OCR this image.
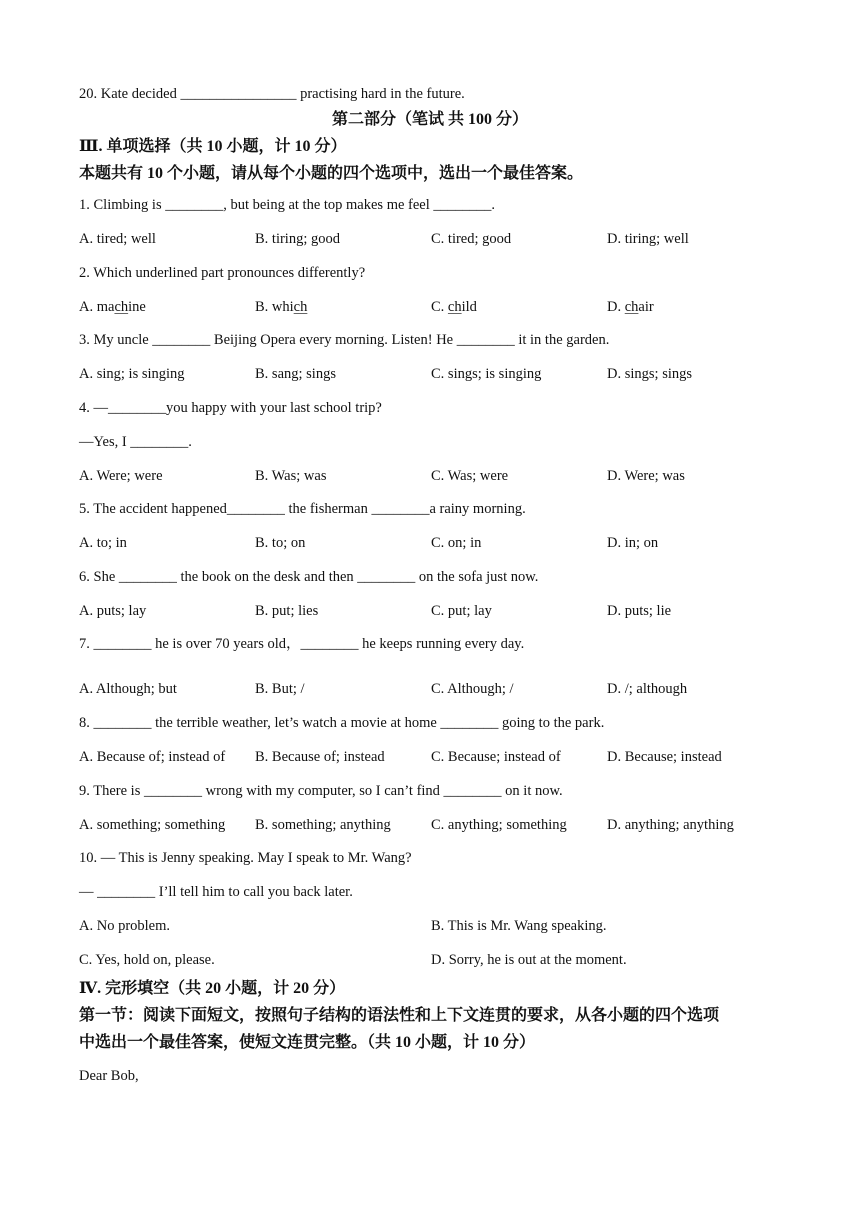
20. Kate decided ________________ practising hard in the future.
第二部分（笔试 共 100 分）
Ⅲ. 单项选择（共 10 小题，计 10 分）
本题共有 10 个小题，请从每个小题的四个选项中，选出一个最佳答案。
1. Climbing is ________, but being at the top makes me feel ________.
A. tired; well	B. tiring; good	C. tired; good	D. tiring; well
2. Which underlined part pronounces differently?
A. machine	B. which	C. child	D. chair
3. My uncle ________ Beijing Opera every morning. Listen! He ________ it in the garden.
A. sing; is singing	B. sang; sings	C. sings; is singing	D. sings; sings
4. —________you happy with your last school trip?
—Yes, I ________.
A. Were; were	B. Was; was	C. Was; were	D. Were; was
5. The accident happened________ the fisherman ________a rainy morning.
A. to; in	B. to; on	C. on; in	D. in; on
6. She ________ the book on the desk and then ________ on the sofa just now.
A. puts; lay	B. put; lies	C. put; lay	D. puts; lie
7. ________ he is over 70 years old，________ he keeps running every day.
A. Although; but	B. But; /	C. Although; /	D. /; although
8. ________ the terrible weather, let’s watch a movie at home ________ going to the park.
A. Because of; instead of B. Because of; instead	C. Because; instead of	D. Because; instead
9. There is ________ wrong with my computer, so I can’t find ________ on it now.
A. something; something B. something; anything	C. anything; something	D. anything; anything
10. — This is Jenny speaking. May I speak to Mr. Wang?
— ________ I’ll tell him to call you back later.
A. No problem.	B. This is Mr. Wang speaking.
C. Yes, hold on, please.	D. Sorry, he is out at the moment.
Ⅳ. 完形填空（共 20 小题，计 20 分）
第一节：阅读下面短文，按照句子结构的语法性和上下文连贯的要求，从各小题的四个选项
中选出一个最佳答案，使短文连贯完整。（共 10 小题，计 10 分）
Dear Bob,
